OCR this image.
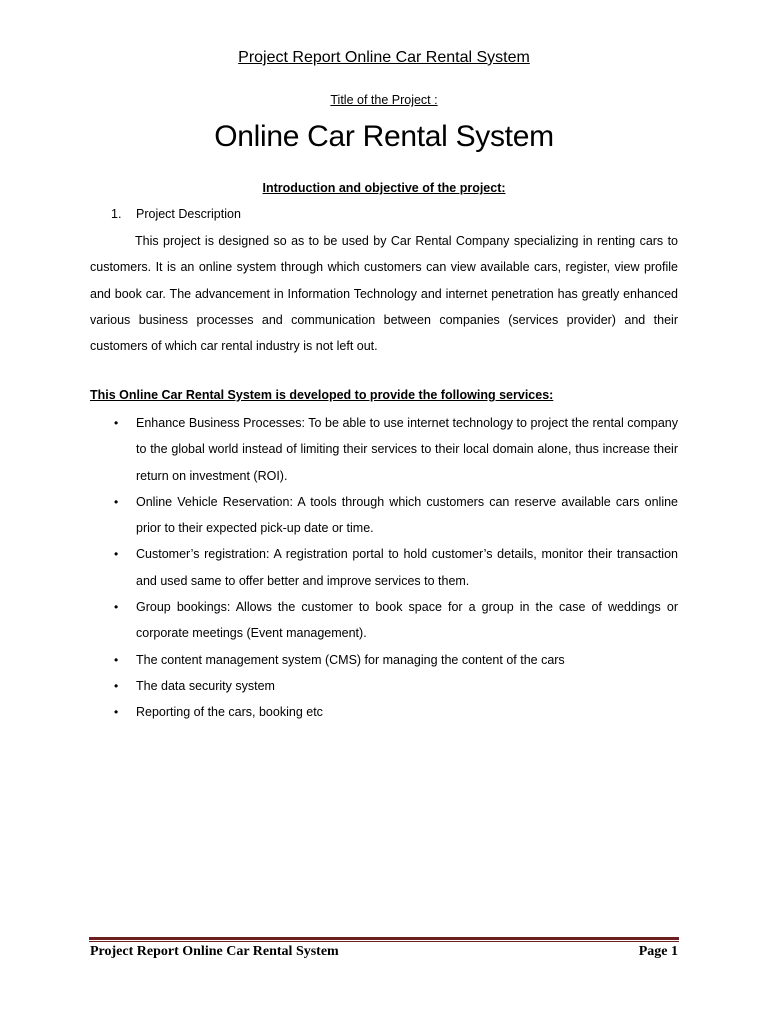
Project Report Online Car Rental System
Title of the Project :
Online Car Rental System
Introduction and objective of the project:
1. Project Description

This project is designed so as to be used by Car Rental Company specializing in renting cars to customers. It is an online system through which customers can view available cars, register, view profile and book car. The advancement in Information Technology and internet penetration has greatly enhanced various business processes and communication between companies (services provider) and their customers of which car rental industry is not left out.

This Online Car Rental System is developed to provide the following services:
• Enhance Business Processes: To be able to use internet technology to project the rental company to the global world instead of limiting their services to their local domain alone, thus increase their return on investment (ROI).
• Online Vehicle Reservation: A tools through which customers can reserve available cars online prior to their expected pick-up date or time.
• Customer’s registration: A registration portal to hold customer’s details, monitor their transaction and used same to offer better and improve services to them.
• Group bookings: Allows the customer to book space for a group in the case of weddings or corporate meetings (Event management).
• The content management system (CMS) for managing the content of the cars
• The data security system
• Reporting of the cars, booking etc
Project Report Online Car Rental System	Page 1
